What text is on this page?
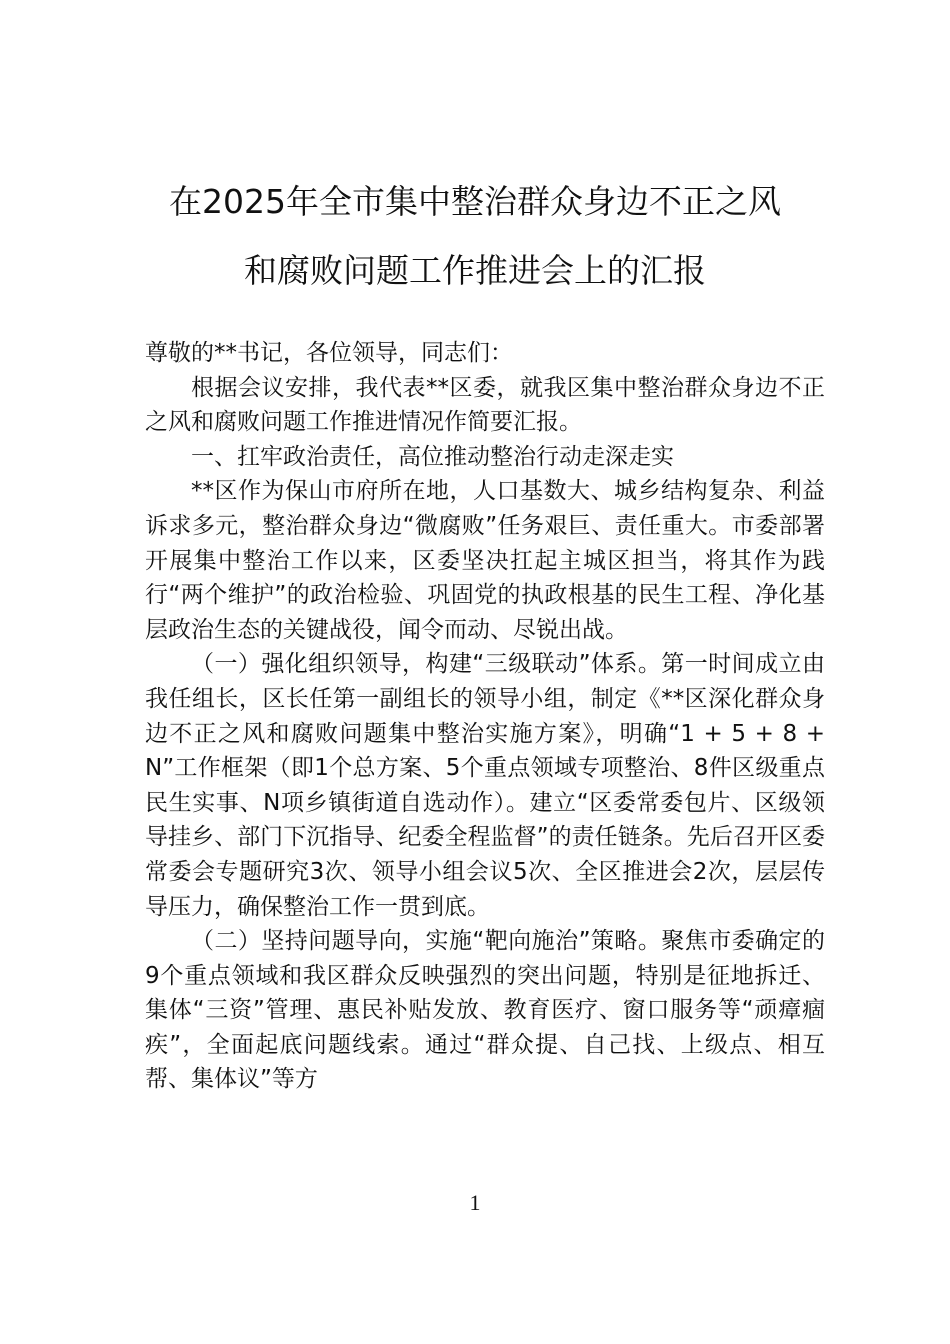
在2025年全市集中整治群众身边不正之风
和腐败问题工作推进会上的汇报

尊敬的**书记，各位领导，同志们：

根据会议安排，我代表**区委，就我区集中整治群众身边不正之风和腐败问题工作推进情况作简要汇报。

一、扛牢政治责任，高位推动整治行动走深走实

**区作为保山市府所在地，人口基数大、城乡结构复杂、利益诉求多元，整治群众身边“微腐败”任务艰巨、责任重大。市委部署开展集中整治工作以来，区委坚决扛起主城区担当，将其作为践行“两个维护”的政治检验、巩固党的执政根基的民生工程、净化基层政治生态的关键战役，闻令而动、尽锐出战。

（一）强化组织领导，构建“三级联动”体系。第一时间成立由我任组长，区长任第一副组长的领导小组，制定《**区深化群众身边不正之风和腐败问题集中整治实施方案》，明确“1 + 5 + 8 + N”工作框架（即1个总方案、5个重点领域专项整治、8件区级重点民生实事、N项乡镇街道自选动作）。建立“区委常委包片、区级领导挂乡、部门下沉指导、纪委全程监督”的责任链条。先后召开区委常委会专题研究3次、领导小组会议5次、全区推进会2次，层层传导压力，确保整治工作一贯到底。

（二）坚持问题导向，实施“靶向施治”策略。聚焦市委确定的9个重点领域和我区群众反映强烈的突出问题，特别是征地拆迁、集体“三资”管理、惠民补贴发放、教育医疗、窗口服务等“顽瘴痼疾”，全面起底问题线索。通过“群众提、自己找、上级点、相互帮、集体议”等方

1
